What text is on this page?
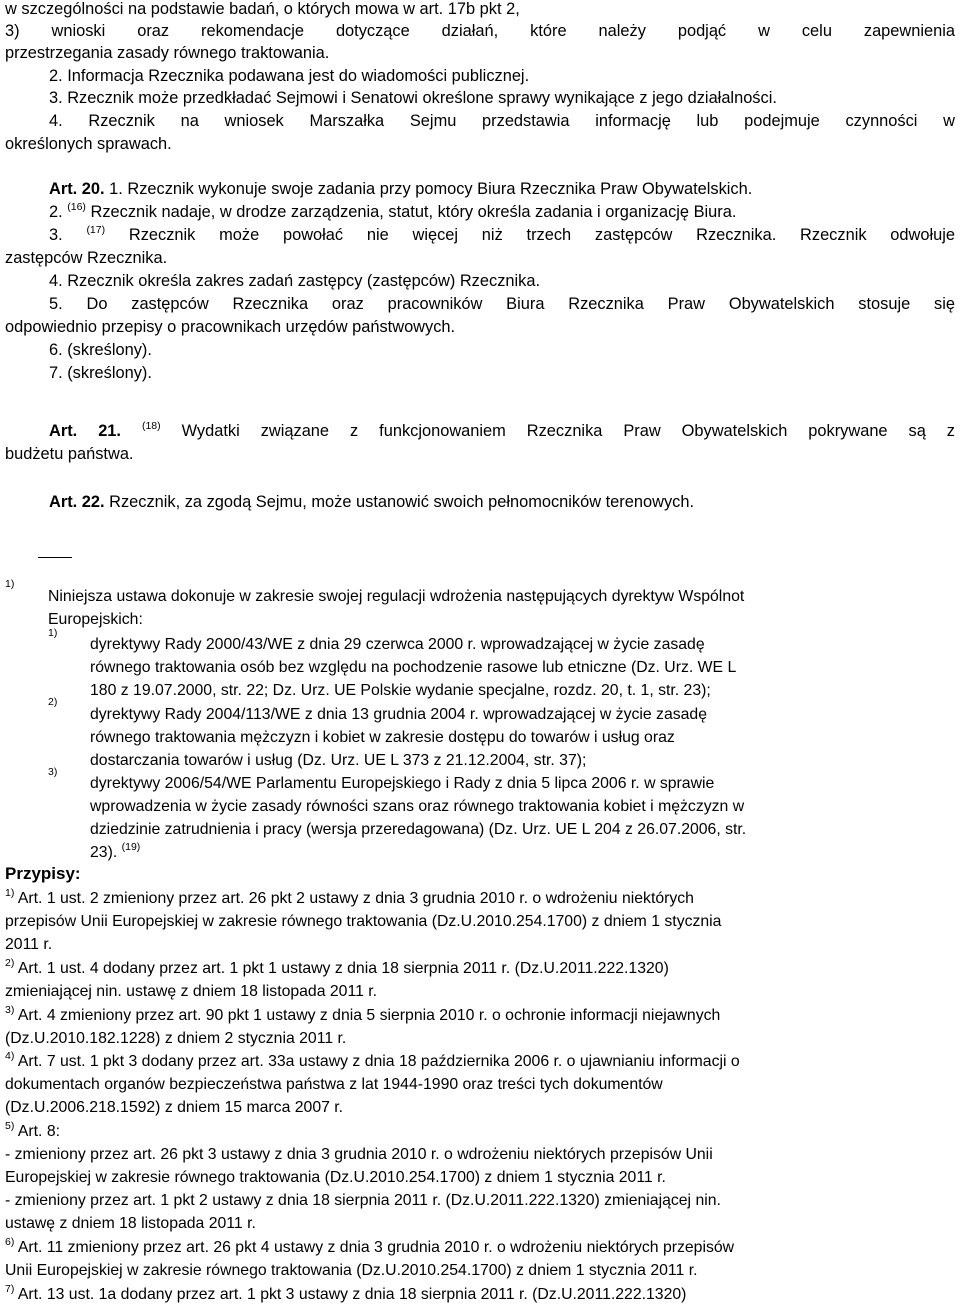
w szczególności na podstawie badań, o których mowa w art. 17b pkt 2,
3) wnioski oraz rekomendacje dotyczące działań, które należy podjąć w celu zapewnienia
przestrzegania zasady równego traktowania.
2. Informacja Rzecznika podawana jest do wiadomości publicznej.
3. Rzecznik może przedkładać Sejmowi i Senatowi określone sprawy wynikające z jego działalności.
4. Rzecznik na wniosek Marszałka Sejmu przedstawia informację lub podejmuje czynności w
określonych sprawach.
Art. 20. 1. Rzecznik wykonuje swoje zadania przy pomocy Biura Rzecznika Praw Obywatelskich.
2. $^{(16)}$ Rzecznik nadaje, w drodze zarządzenia, statut, który określa zadania i organizację Biura.
3. $^{(17)}$ Rzecznik może powołać nie więcej niż trzech zastępców Rzecznika. Rzecznik odwołuje
zastępców Rzecznika.
4. Rzecznik określa zakres zadań zastępcy (zastępców) Rzecznika.
5. Do zastępców Rzecznika oraz pracowników Biura Rzecznika Praw Obywatelskich stosuje się
odpowiednio przepisy o pracownikach urzędów państwowych.
6. (skreślony).
7. (skreślony).
Art. 21. $^{(18)}$ Wydatki związane z funkcjonowaniem Rzecznika Praw Obywatelskich pokrywane są z
budżetu państwa.
Art. 22. Rzecznik, za zgodą Sejmu, może ustanowić swoich pełnomocników terenowych.
$^{1)}$
Niniejsza ustawa dokonuje w zakresie swojej regulacji wdrożenia następujących dyrektyw Wspólnot
Europejskich:
$^{1)}$
dyrektywy Rady 2000/43/WE z dnia 29 czerwca 2000 r. wprowadzającej w życie zasadę
równego traktowania osób bez względu na pochodzenie rasowe lub etniczne (Dz. Urz. WE L
180 z 19.07.2000, str. 22; Dz. Urz. UE Polskie wydanie specjalne, rozdz. 20, t. 1, str. 23);
$^{2)}$
dyrektywy Rady 2004/113/WE z dnia 13 grudnia 2004 r. wprowadzającej w życie zasadę
równego traktowania mężczyzn i kobiet w zakresie dostępu do towarów i usług oraz
dostarczania towarów i usług (Dz. Urz. UE L 373 z 21.12.2004, str. 37);
$^{3)}$
dyrektywy 2006/54/WE Parlamentu Europejskiego i Rady z dnia 5 lipca 2006 r. w sprawie
wprowadzenia w życie zasady równości szans oraz równego traktowania kobiet i mężczyzn w
dziedzinie zatrudnienia i pracy (wersja przeredagowana) (Dz. Urz. UE L 204 z 26.07.2006, str.
23). $^{(19)}$
Przypisy:
$^{1)}$ Art. 1 ust. 2 zmieniony przez art. 26 pkt 2 ustawy z dnia 3 grudnia 2010 r. o wdrożeniu niektórych
przepisów Unii Europejskiej w zakresie równego traktowania (Dz.U.2010.254.1700) z dniem 1 stycznia
2011 r.
$^{2)}$ Art. 1 ust. 4 dodany przez art. 1 pkt 1 ustawy z dnia 18 sierpnia 2011 r. (Dz.U.2011.222.1320)
zmieniającej nin. ustawę z dniem 18 listopada 2011 r.
$^{3)}$ Art. 4 zmieniony przez art. 90 pkt 1 ustawy z dnia 5 sierpnia 2010 r. o ochronie informacji niejawnych
(Dz.U.2010.182.1228) z dniem 2 stycznia 2011 r.
$^{4)}$ Art. 7 ust. 1 pkt 3 dodany przez art. 33a ustawy z dnia 18 października 2006 r. o ujawnianiu informacji o
dokumentach organów bezpieczeństwa państwa z lat 1944-1990 oraz treści tych dokumentów
(Dz.U.2006.218.1592) z dniem 15 marca 2007 r.
$^{5)}$ Art. 8:
- zmieniony przez art. 26 pkt 3 ustawy z dnia 3 grudnia 2010 r. o wdrożeniu niektórych przepisów Unii
Europejskiej w zakresie równego traktowania (Dz.U.2010.254.1700) z dniem 1 stycznia 2011 r.
- zmieniony przez art. 1 pkt 2 ustawy z dnia 18 sierpnia 2011 r. (Dz.U.2011.222.1320) zmieniającej nin.
ustawę z dniem 18 listopada 2011 r.
$^{6)}$ Art. 11 zmieniony przez art. 26 pkt 4 ustawy z dnia 3 grudnia 2010 r. o wdrożeniu niektórych przepisów
Unii Europejskiej w zakresie równego traktowania (Dz.U.2010.254.1700) z dniem 1 stycznia 2011 r.
$^{7)}$ Art. 13 ust. 1a dodany przez art. 1 pkt 3 ustawy z dnia 18 sierpnia 2011 r. (Dz.U.2011.222.1320)
